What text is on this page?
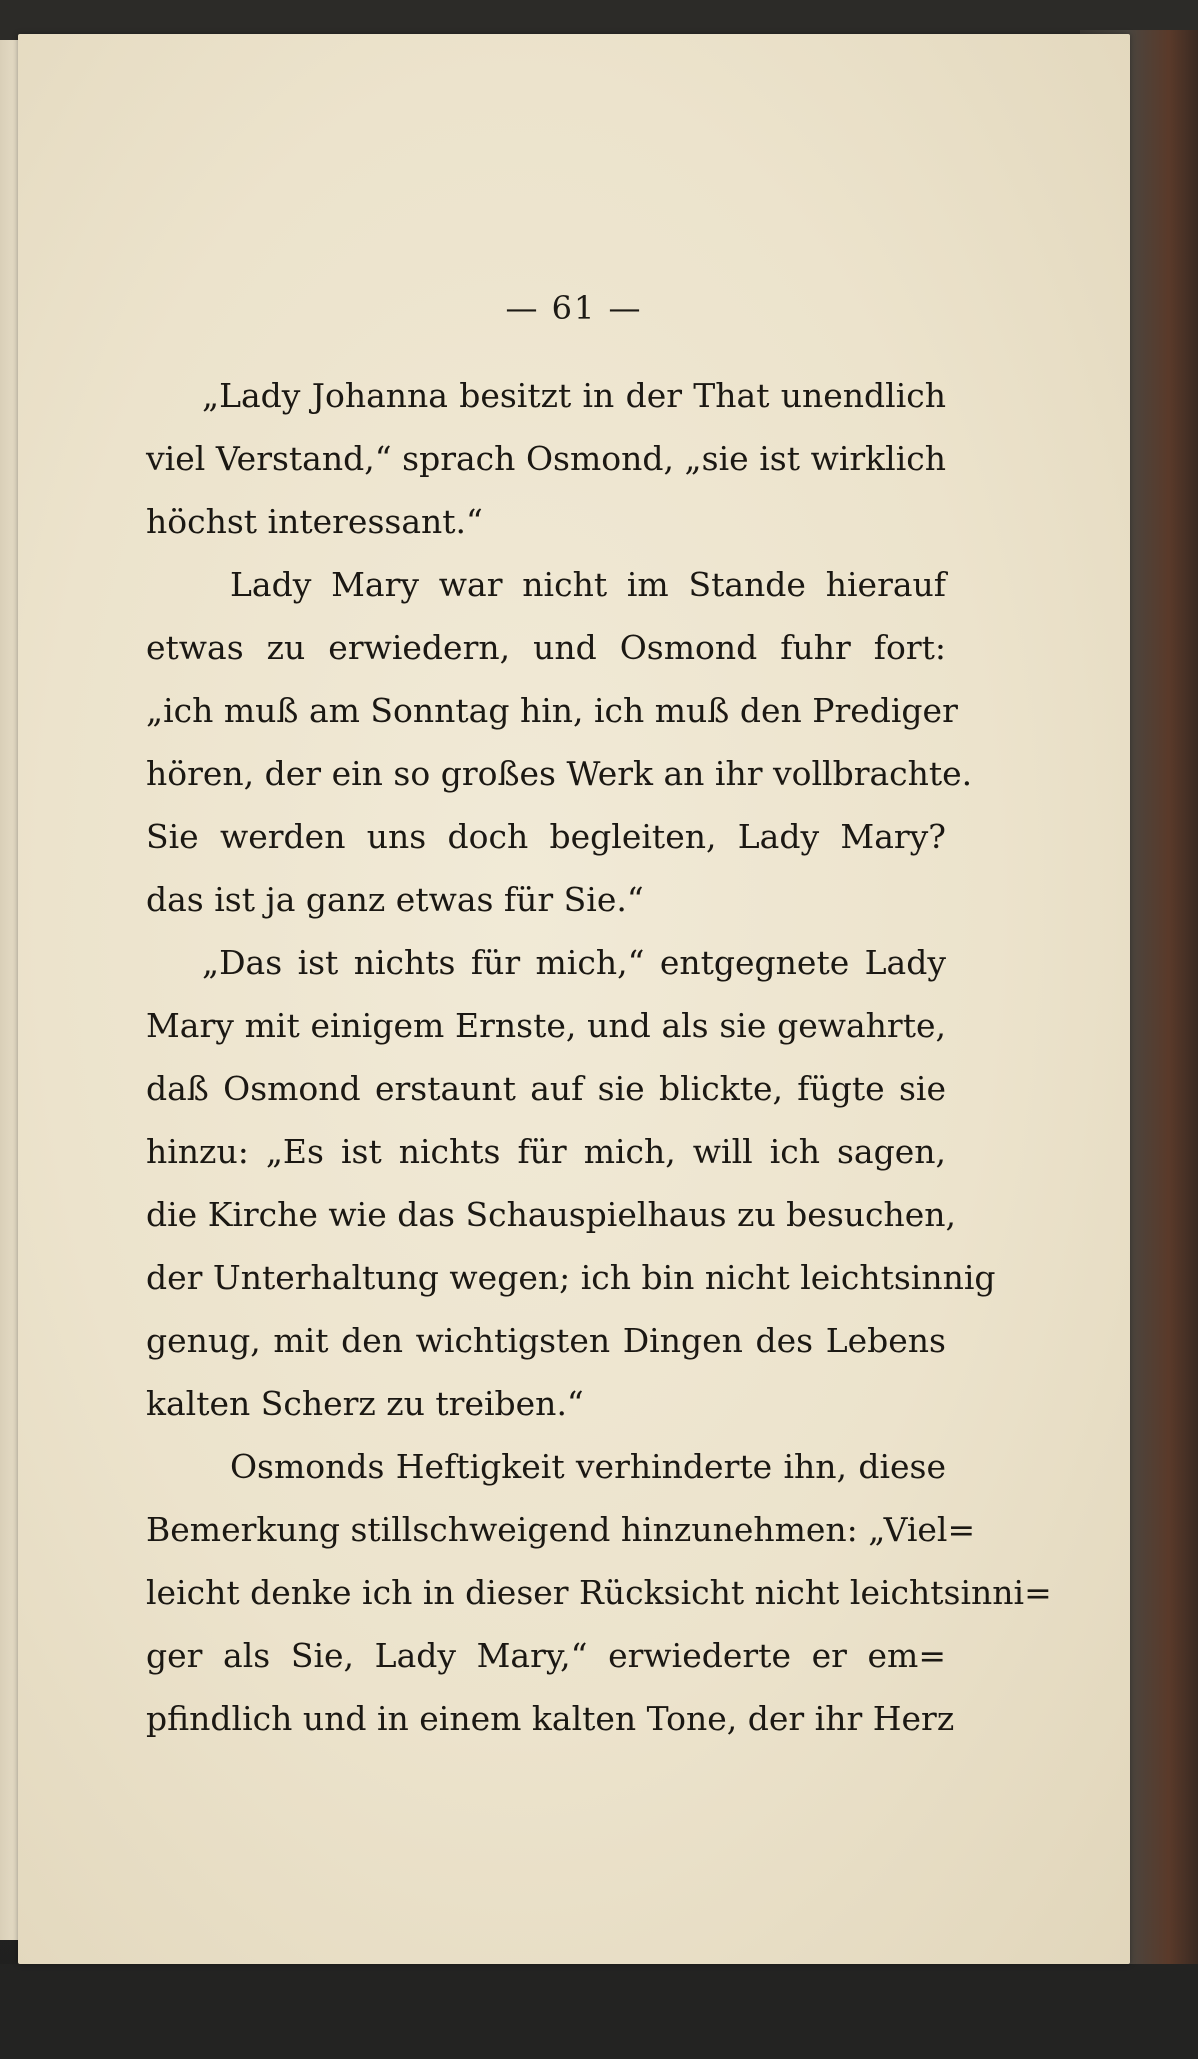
— 61 —
„Lady Johanna besitzt in der That unendlich
viel Verstand,“ sprach Osmond, „sie ist wirklich
höchst interessant.“
Lady Mary war nicht im Stande hierauf
etwas zu erwiedern, und Osmond fuhr fort:
„ich muß am Sonntag hin, ich muß den Prediger
hören, der ein so großes Werk an ihr vollbrachte.
Sie werden uns doch begleiten, Lady Mary?
das ist ja ganz etwas für Sie.“
„Das ist nichts für mich,“ entgegnete Lady
Mary mit einigem Ernste, und als sie gewahrte,
daß Osmond erstaunt auf sie blickte, fügte sie
hinzu: „Es ist nichts für mich, will ich sagen,
die Kirche wie das Schauspielhaus zu besuchen,
der Unterhaltung wegen; ich bin nicht leichtsinnig
genug, mit den wichtigsten Dingen des Lebens
kalten Scherz zu treiben.“
Osmonds Heftigkeit verhinderte ihn, diese
Bemerkung stillschweigend hinzunehmen: „Viel=
leicht denke ich in dieser Rücksicht nicht leichtsinni=
ger als Sie, Lady Mary,“ erwiederte er em=
pfindlich und in einem kalten Tone, der ihr Herz
